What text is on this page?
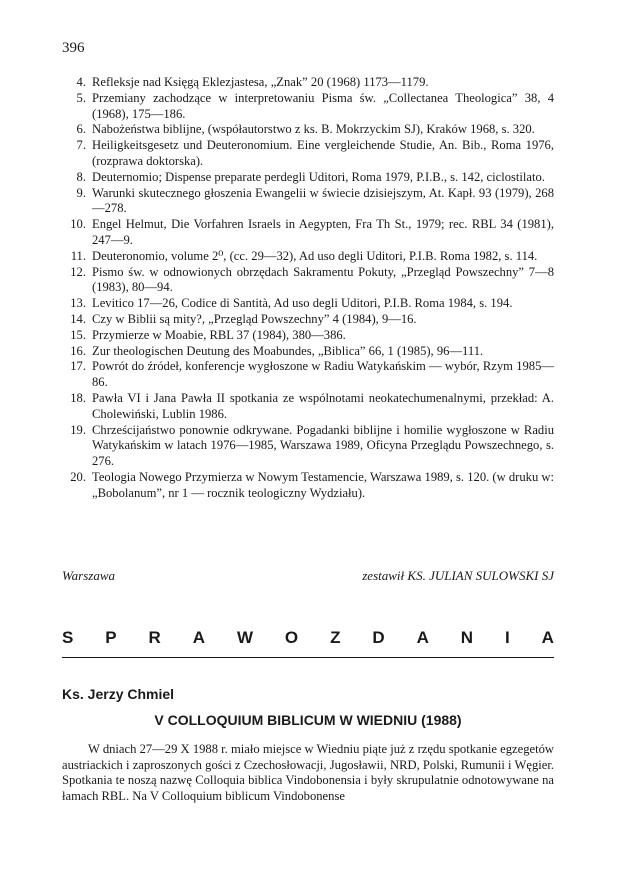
396
4. Refleksje nad Księgą Eklezjastesa, „Znak” 20 (1968) 1173—1179.
5. Przemiany zachodzące w interpretowaniu Pisma św. „Collectanea Theologica” 38, 4 (1968), 175—186.
6. Nabożeństwa biblijne, (współautorstwo z ks. B. Mokrzyckim SJ), Kraków 1968, s. 320.
7. Heiligkeitsgesetz und Deuteronomium. Eine vergleichende Studie, An. Bib., Roma 1976, (rozprawa doktorska).
8. Deuternomio; Dispense preparate perdegli Uditori, Roma 1979, P.I.B., s. 142, ciclostilato.
9. Warunki skutecznego głoszenia Ewangelii w świecie dzisiejszym, At. Kapł. 93 (1979), 268—278.
10. Engel Helmut, Die Vorfahren Israels in Aegypten, Fra Th St., 1979; rec. RBL 34 (1981), 247—9.
11. Deuteronomio, volume 2⁰, (cc. 29—32), Ad uso degli Uditori, P.I.B. Roma 1982, s. 114.
12. Pismo św. w odnowionych obrzędach Sakramentu Pokuty, „Przegląd Powszechny” 7—8 (1983), 80—94.
13. Levitico 17—26, Codice di Santità, Ad uso degli Uditori, P.I.B. Roma 1984, s. 194.
14. Czy w Biblii są mity?, „Przegląd Powszechny” 4 (1984), 9—16.
15. Przymierze w Moabie, RBL 37 (1984), 380—386.
16. Zur theologischen Deutung des Moabundes, „Biblica” 66, 1 (1985), 96—111.
17. Powrót do źródeł, konferencje wygłoszone w Radiu Watykańskim — wybór, Rzym 1985—86.
18. Pawła VI i Jana Pawła II spotkania ze wspólnotami neokatechumenalnymi, przekład: A. Cholewiński, Lublin 1986.
19. Chrześcijaństwo ponownie odkrywane. Pogadanki biblijne i homilie wygłoszone w Radiu Watykańskim w latach 1976—1985, Warszawa 1989, Oficyna Przeglądu Powszechnego, s. 276.
20. Teologia Nowego Przymierza w Nowym Testamencie, Warszawa 1989, s. 120. (w druku w: „Bobolanum”, nr 1 — rocznik teologiczny Wydziału).
Warszawa	zestawił KS. JULIAN SULOWSKI SJ
S P R A W O Z D A N I A
Ks. Jerzy Chmiel
V COLLOQUIUM BIBLICUM W WIEDNIU (1988)

W dniach 27—29 X 1988 r. miało miejsce w Wiedniu piąte już z rzędu spotkanie egzegetów austriackich i zaproszonych gości z Czechosłowacji, Jugosławii, NRD, Polski, Rumunii i Węgier. Spotkania te noszą nazwę Colloquia biblica Vindobonensia i były skrupulatnie odnotowywane na łamach RBL. Na V Colloquium biblicum Vindobonense
